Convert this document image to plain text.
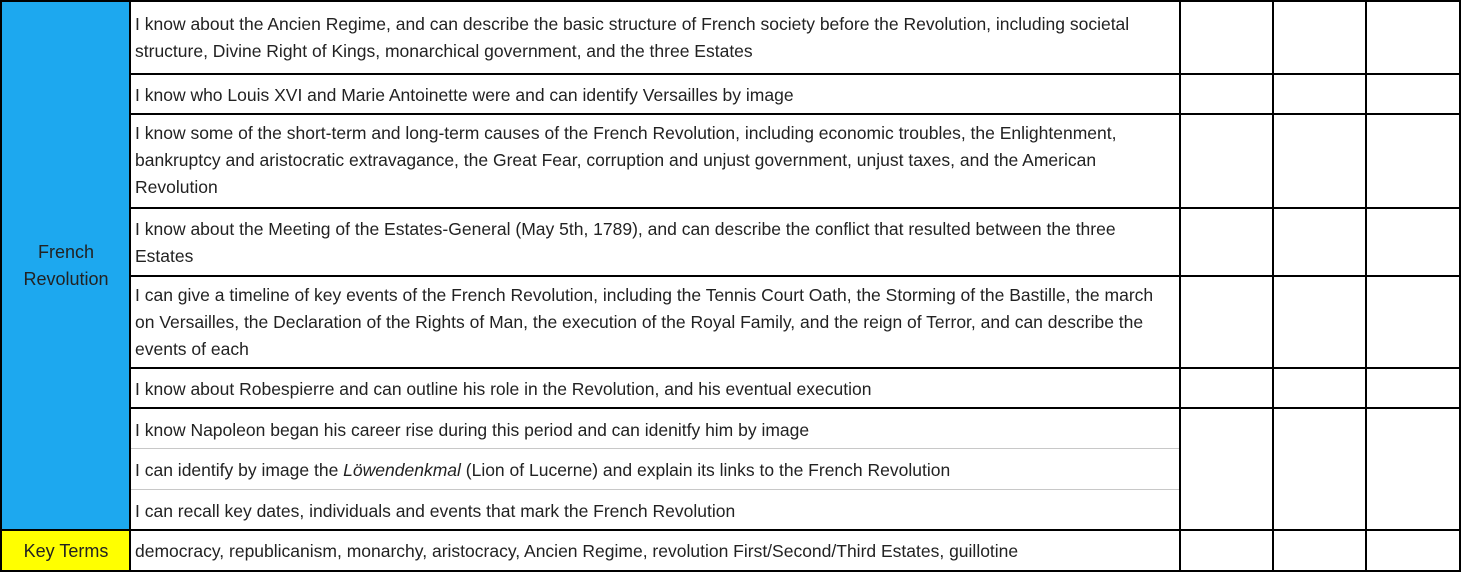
French Revolution
Key Terms
I know about the Ancien Regime, and can describe the basic structure of French society before the Revolution, including societal structure, Divine Right of Kings, monarchical government, and the three Estates
I know who Louis XVI and Marie Antoinette were and can identify Versailles by image
I know some of the short-term and long-term causes of the French Revolution, including economic troubles, the Enlightenment, bankruptcy and aristocratic extravagance, the Great Fear, corruption and unjust government, unjust taxes, and the American Revolution
I know about the Meeting of the Estates-General (May 5th, 1789), and can describe the conflict that resulted between the three Estates
I can give a timeline of key events of the French Revolution, including the Tennis Court Oath, the Storming of the Bastille, the march on Versailles, the Declaration of the Rights of Man, the execution of the Royal Family, and the reign of Terror, and can describe the events of each
I know about Robespierre and can outline his role in the Revolution, and his eventual execution
I know Napoleon began his career rise during this period and can idenitfy him by image
I can identify by image the Löwendenkmal (Lion of Lucerne) and explain its links to the French Revolution
I can recall key dates, individuals and events that mark the French Revolution
democracy, republicanism, monarchy, aristocracy, Ancien Regime, revolution First/Second/Third Estates, guillotine
